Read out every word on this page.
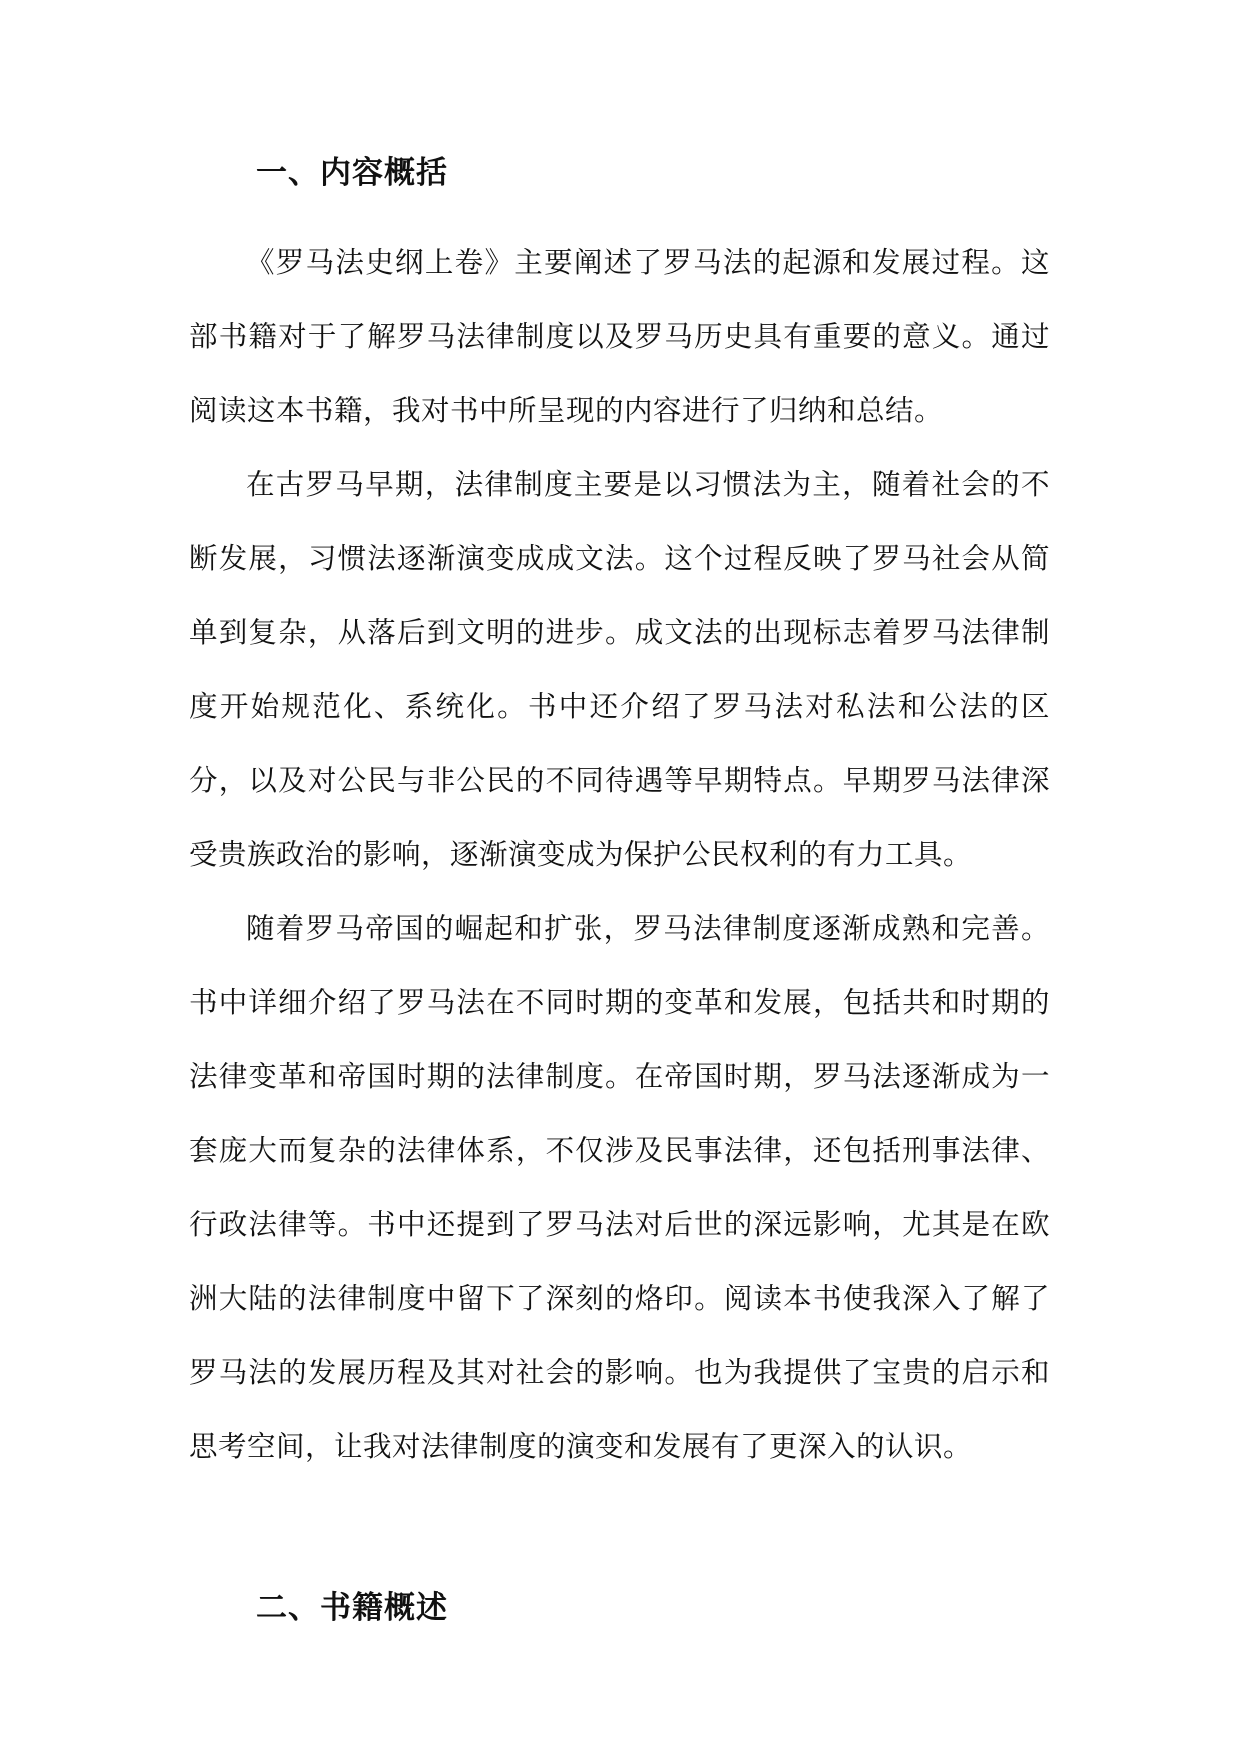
一、内容概括

《罗马法史纲上卷》主要阐述了罗马法的起源和发展过程。这部书籍对于了解罗马法律制度以及罗马历史具有重要的意义。通过阅读这本书籍，我对书中所呈现的内容进行了归纳和总结。

在古罗马早期，法律制度主要是以习惯法为主，随着社会的不断发展，习惯法逐渐演变成成文法。这个过程反映了罗马社会从简单到复杂，从落后到文明的进步。成文法的出现标志着罗马法律制度开始规范化、系统化。书中还介绍了罗马法对私法和公法的区分，以及对公民与非公民的不同待遇等早期特点。早期罗马法律深受贵族政治的影响，逐渐演变成为保护公民权利的有力工具。

随着罗马帝国的崛起和扩张，罗马法律制度逐渐成熟和完善。书中详细介绍了罗马法在不同时期的变革和发展，包括共和时期的法律变革和帝国时期的法律制度。在帝国时期，罗马法逐渐成为一套庞大而复杂的法律体系，不仅涉及民事法律，还包括刑事法律、行政法律等。书中还提到了罗马法对后世的深远影响，尤其是在欧洲大陆的法律制度中留下了深刻的烙印。阅读本书使我深入了解了罗马法的发展历程及其对社会的影响。也为我提供了宝贵的启示和思考空间，让我对法律制度的演变和发展有了更深入的认识。

二、书籍概述
